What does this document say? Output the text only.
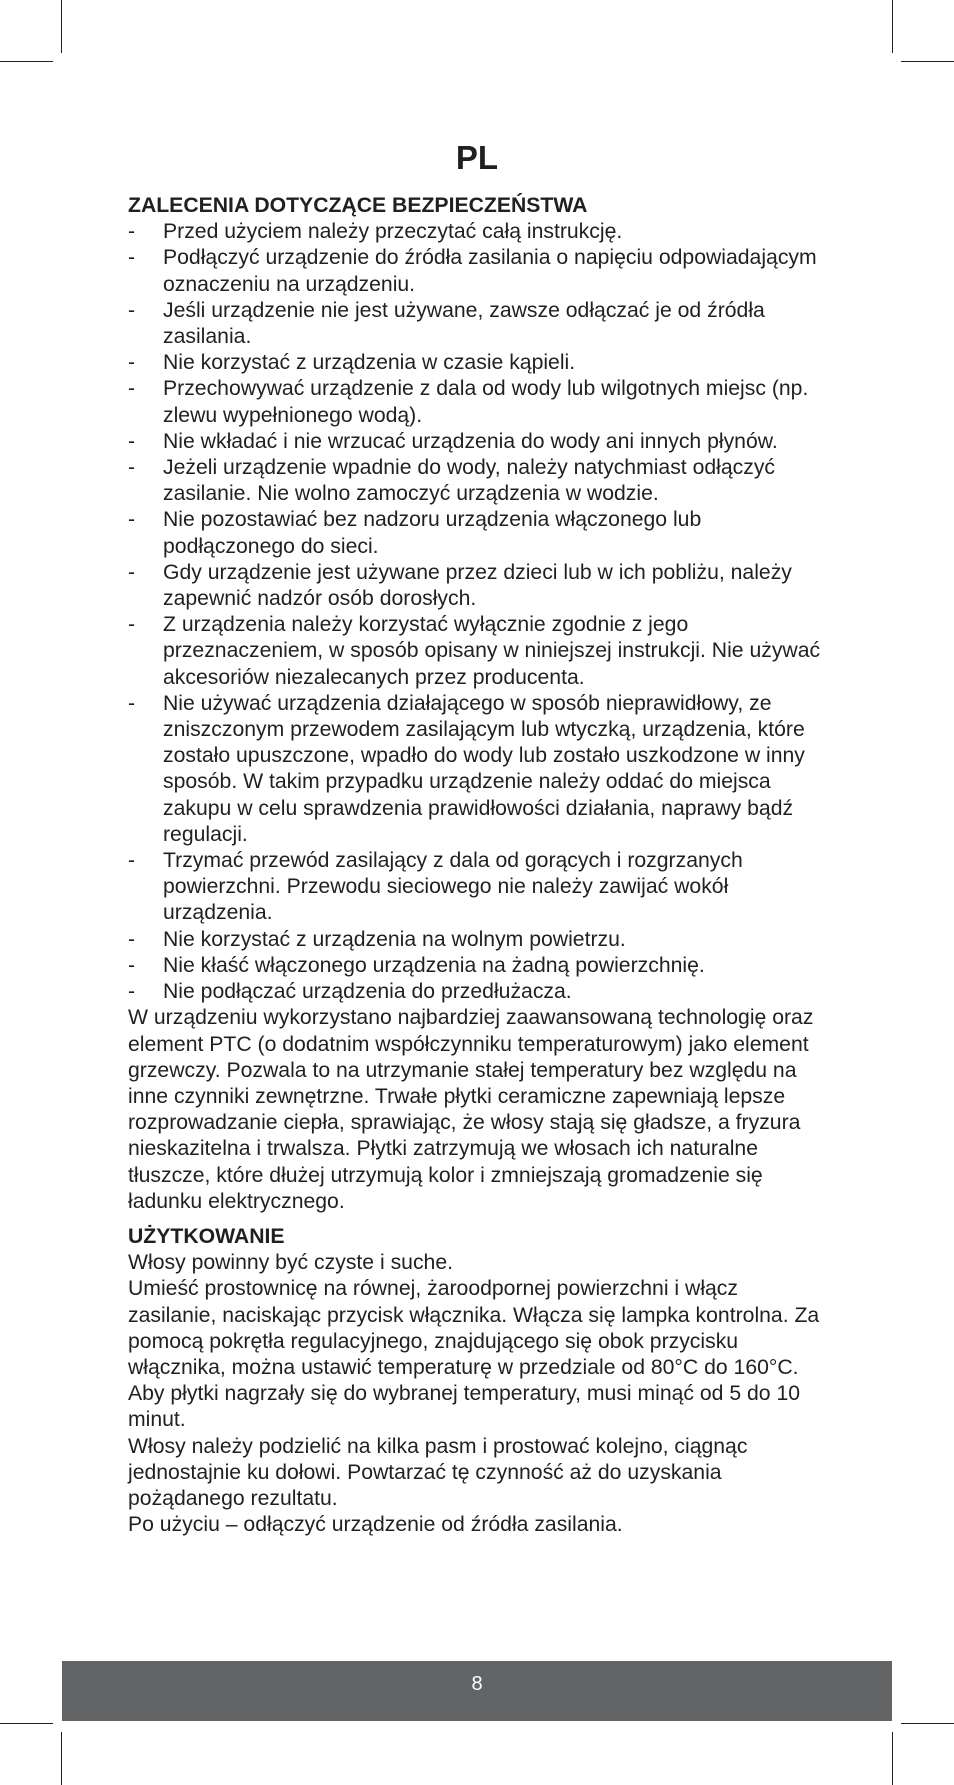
PL
ZALECENIA DOTYCZĄCE BEZPIECZEŃSTWA
- Przed użyciem należy przeczytać całą instrukcję.
- Podłączyć urządzenie do źródła zasilania o napięciu odpowiadającym oznaczeniu na urządzeniu.
- Jeśli urządzenie nie jest używane, zawsze odłączać je od źródła zasilania.
- Nie korzystać z urządzenia w czasie kąpieli.
- Przechowywać urządzenie z dala od wody lub wilgotnych miejsc (np. zlewu wypełnionego wodą).
- Nie wkładać i nie wrzucać urządzenia do wody ani innych płynów.
- Jeżeli urządzenie wpadnie do wody, należy natychmiast odłączyć zasilanie. Nie wolno zamoczyć urządzenia w wodzie.
- Nie pozostawiać bez nadzoru urządzenia włączonego lub podłączonego do sieci.
- Gdy urządzenie jest używane przez dzieci lub w ich pobliżu, należy zapewnić nadzór osób dorosłych.
- Z urządzenia należy korzystać wyłącznie zgodnie z jego przeznaczeniem, w sposób opisany w niniejszej instrukcji. Nie używać akcesoriów niezalecanych przez producenta.
- Nie używać urządzenia działającego w sposób nieprawidłowy, ze zniszczonym przewodem zasilającym lub wtyczką, urządzenia, które zostało upuszczone, wpadło do wody lub zostało uszkodzone w inny sposób. W takim przypadku urządzenie należy oddać do miejsca zakupu w celu sprawdzenia prawidłowości działania, naprawy bądź regulacji.
- Trzymać przewód zasilający z dala od gorących i rozgrzanych powierzchni. Przewodu sieciowego nie należy zawijać wokół urządzenia.
- Nie korzystać z urządzenia na wolnym powietrzu.
- Nie kłaść włączonego urządzenia na żadną powierzchnię.
- Nie podłączać urządzenia do przedłużacza.

W urządzeniu wykorzystano najbardziej zaawansowaną technologię oraz element PTC (o dodatnim współczynniku temperaturowym) jako element grzewczy. Pozwala to na utrzymanie stałej temperatury bez względu na inne czynniki zewnętrzne. Trwałe płytki ceramiczne zapewniają lepsze rozprowadzanie ciepła, sprawiając, że włosy stają się gładsze, a fryzura nieskazitelna i trwalsza. Płytki zatrzymują we włosach ich naturalne tłuszcze, które dłużej utrzymują kolor i zmniejszają gromadzenie się ładunku elektrycznego.

UŻYTKOWANIE

Włosy powinny być czyste i suche.

Umieść prostownicę na równej, żaroodpornej powierzchni i włącz zasilanie, naciskając przycisk włącznika. Włącza się lampka kontrolna. Za pomocą pokrętła regulacyjnego, znajdującego się obok przycisku włącznika, można ustawić temperaturę w przedziale od 80°C do 160°C. Aby płytki nagrzały się do wybranej temperatury, musi minąć od 5 do 10 minut.

Włosy należy podzielić na kilka pasm i prostować kolejno, ciągnąc jednostajnie ku dołowi. Powtarzać tę czynność aż do uzyskania pożądanego rezultatu.

Po użyciu – odłączyć urządzenie od źródła zasilania.

8
